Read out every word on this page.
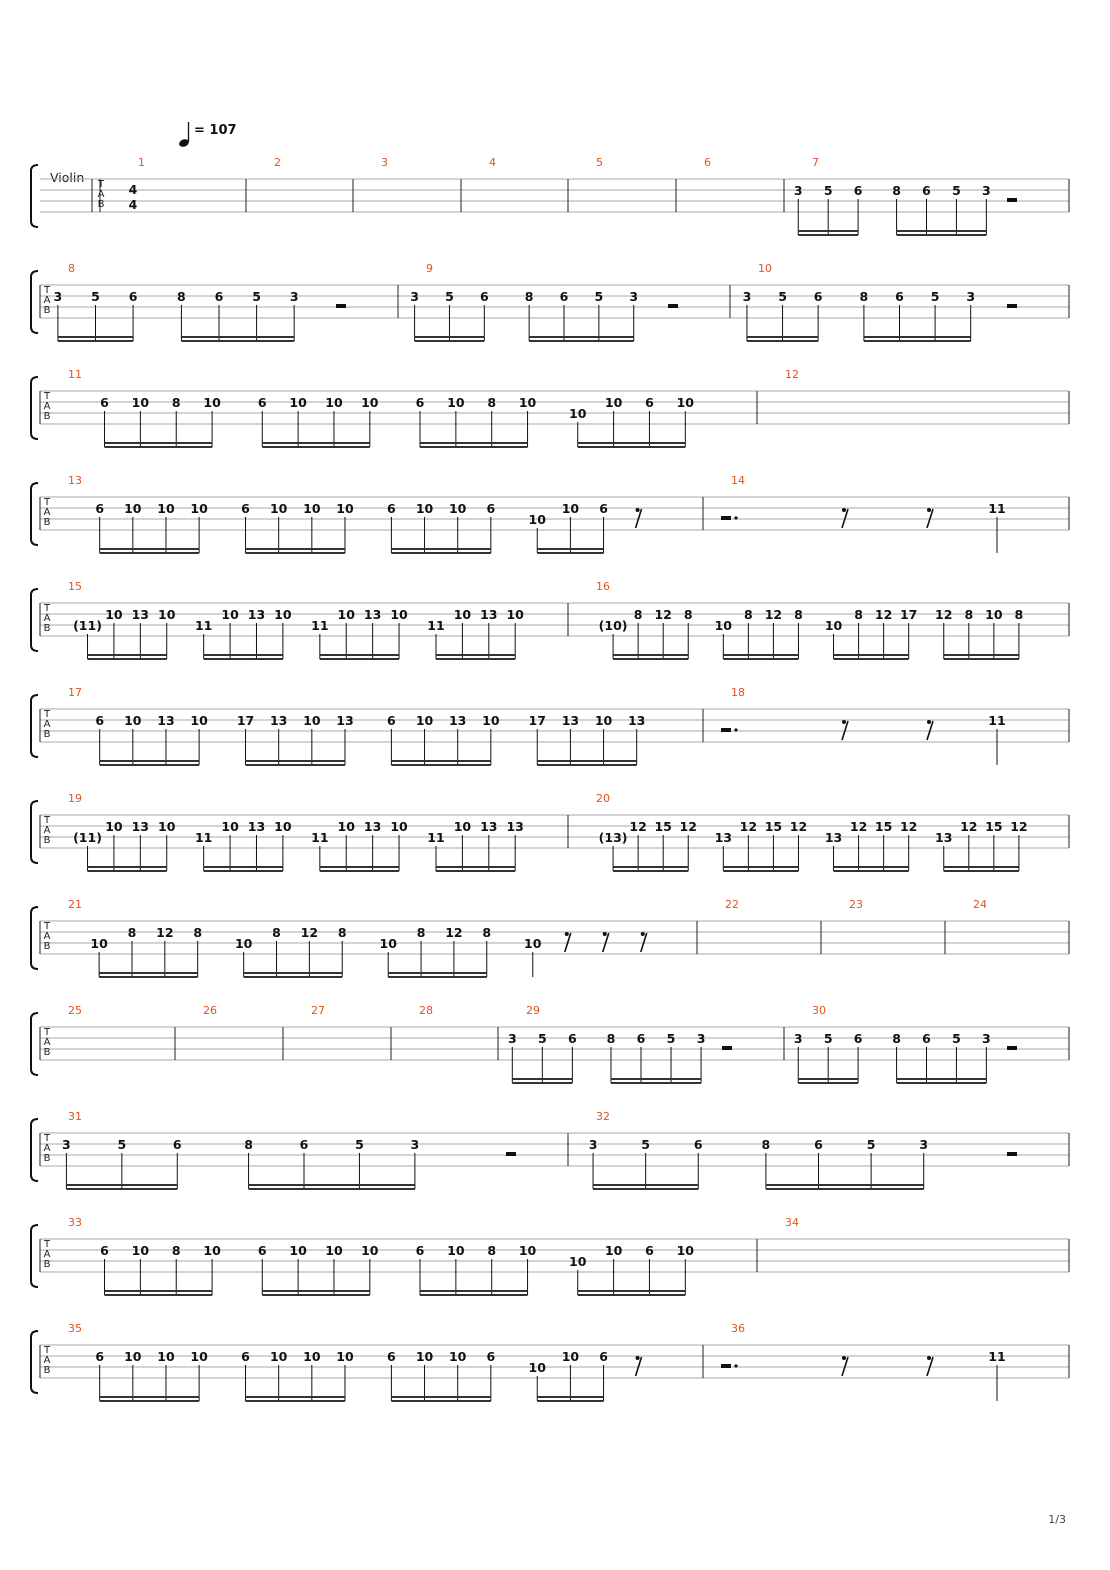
= 107
Violin
1/3
T
A
B
4
4
1	2	3	4	5	6	7
3 5 6 8 6 5 3
T
A
B
8
3 5 6	8 6 5 3
9
3 5 6	8 6 5 3
10
3 5 6	8 6 5 3
T
A
B
11
6 10 8 10	6 10 10 10	6 10 8 10
10
10 6 10
12
T
A
B
13
6 10 10 10	6 10 10 10	6 10 10 6
10
10 6
14
11
T
A
B
15
(11)
10 13 10
11
10 13 10
11
10 13 10
11
10 13 10
16
(10)
8 12 8
10
8 12 8
10
8 12 17 12 8 10 8
T
A
B
17
6 10 13 10 17 13 10 13	6 10 13 10 17 13 10 13
18
11
T
A
B
19
(11)
10 13 10
11
10 13 10
11
10 13 10
11
10 13 13
20
(13)
12 15 12
13
12 15 12
13
12 15 12
13
12 15 12
T
A
B
21
10
8 12 8
10
8 12 8
10
8 12 8
10
22	23	24
T
A
B
25	26	27	28	29
3 5 6 8 6 5 3
30
3 5 6 8 6 5 3
T
A
B
31
3	5	6	8	6	5	3
32
3	5	6	8	6	5	3
T
A
B
33
6 10 8 10	6 10 10 10	6 10 8 10
10
10 6 10
34
T
A
B
35
6 10 10 10	6 10 10 10	6 10 10 6
10
10 6
36
11
